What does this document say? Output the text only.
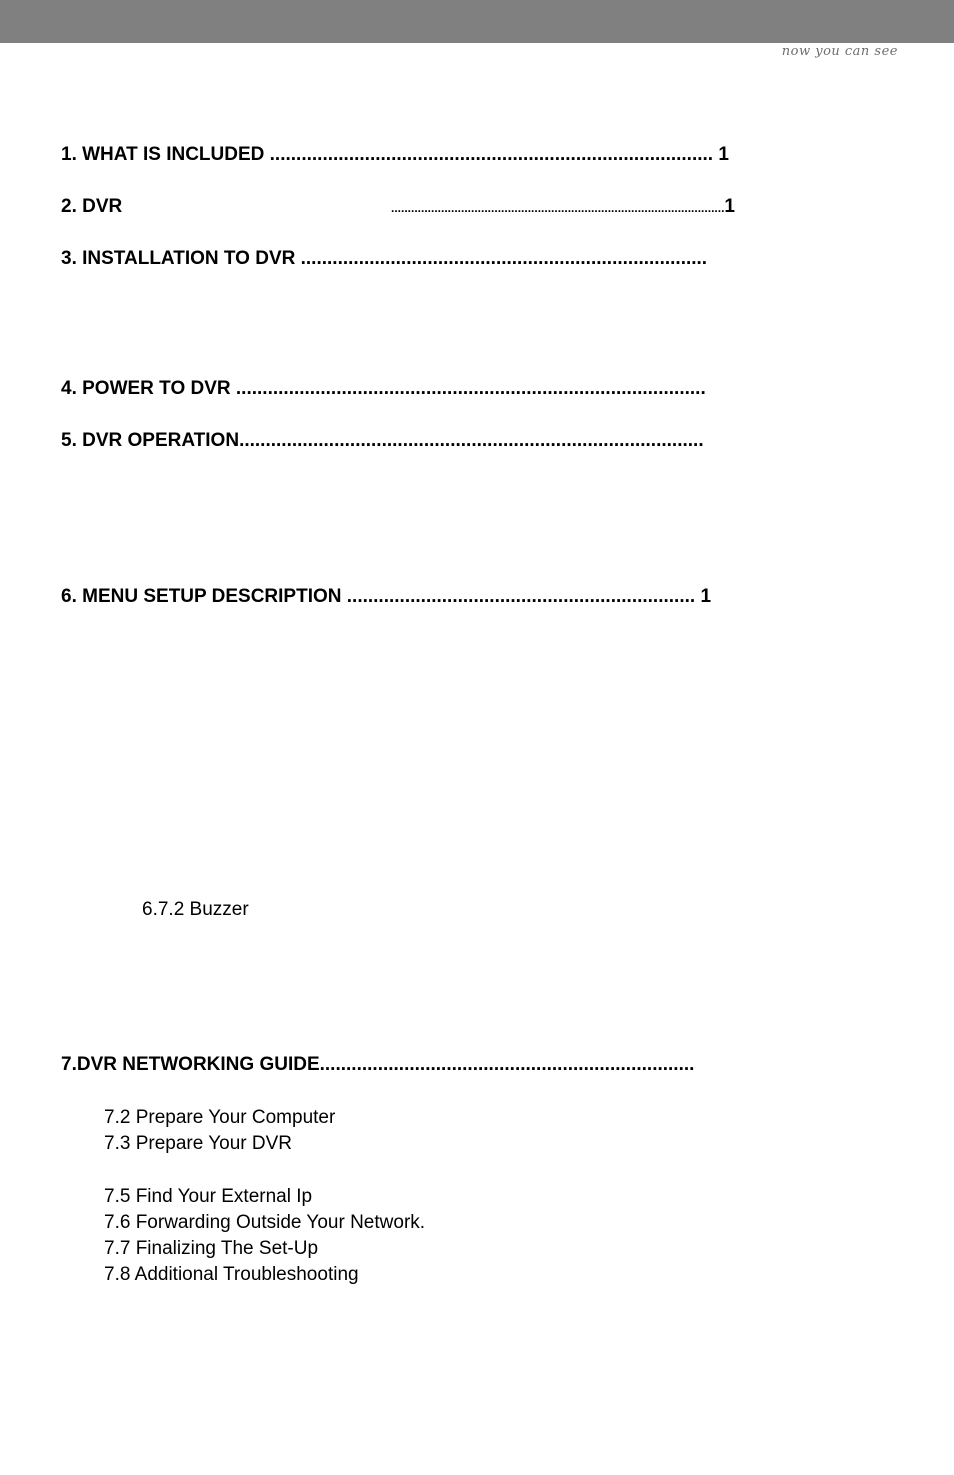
now you can see
1. WHAT IS INCLUDED .................................................................................... 1
2. DVR	....................................................................................................1
3. INSTALLATION TO DVR .............................................................................
4. POWER TO DVR .........................................................................................
5. DVR OPERATION........................................................................................
6. MENU SETUP DESCRIPTION .................................................................. 1
6.7.2 Buzzer
7.DVR NETWORKING GUIDE.......................................................................
7.2 Prepare Your Computer
7.3 Prepare Your DVR
7.5 Find Your External Ip
7.6 Forwarding Outside Your Network.
7.7 Finalizing The Set-Up
7.8 Additional Troubleshooting
